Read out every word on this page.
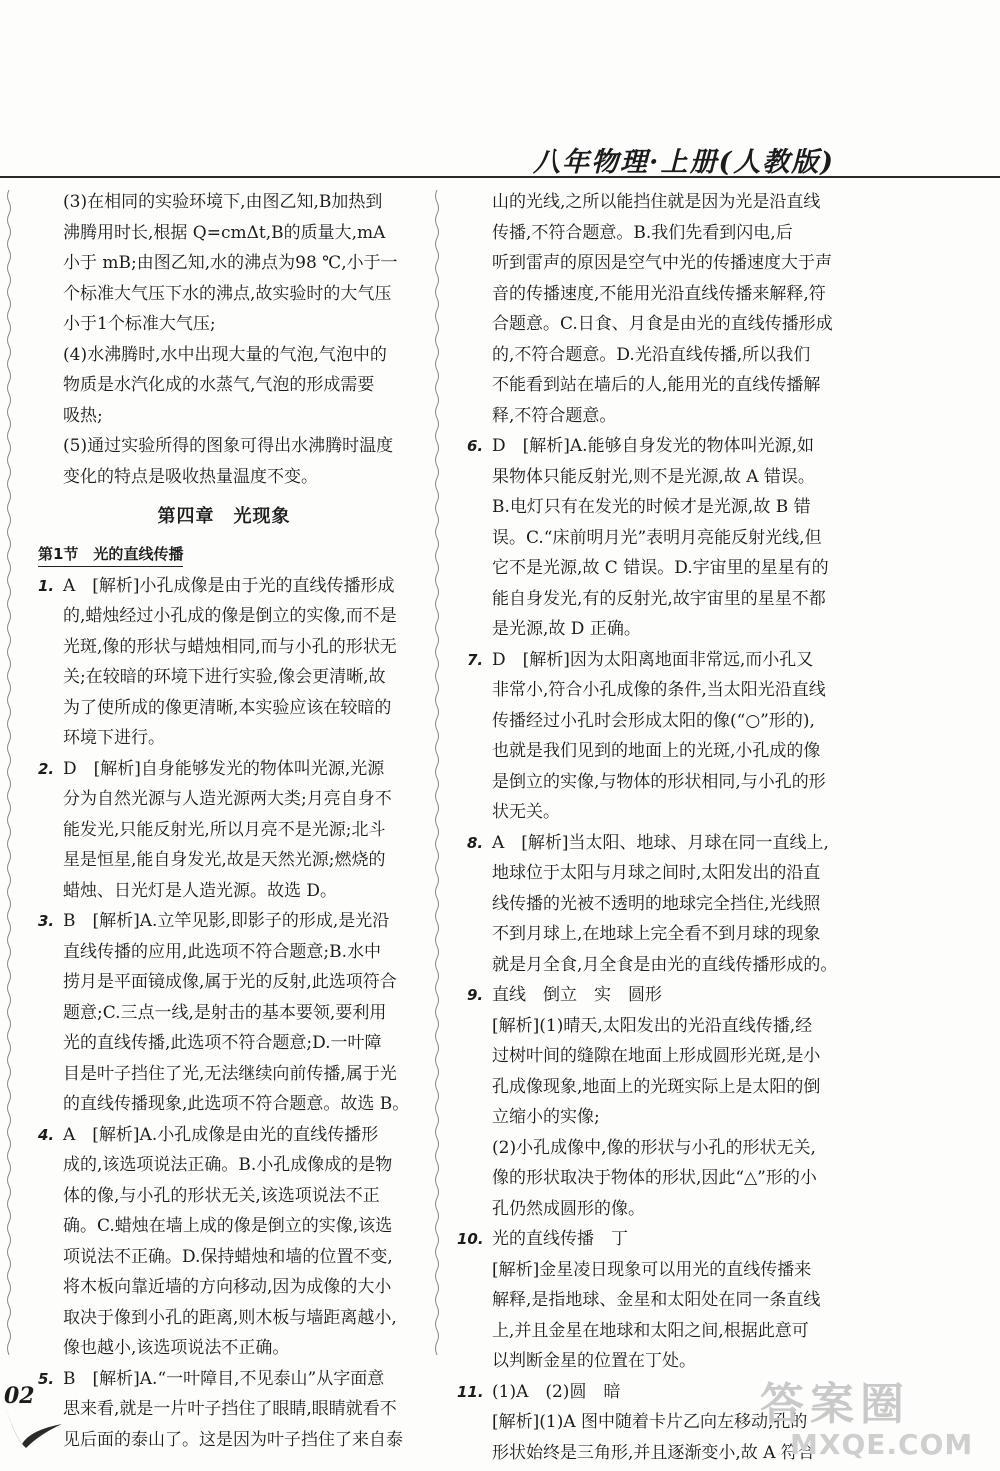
八年物理·上册(人教版)
(3)在相同的实验环境下,由图乙知,B加热到
沸腾用时长,根据 Q=cmΔt,B的质量大,mA
小于 mB;由图乙知,水的沸点为98 ℃,小于一
个标准大气压下水的沸点,故实验时的大气压
小于1个标准大气压;
(4)水沸腾时,水中出现大量的气泡,气泡中的
物质是水汽化成的水蒸气,气泡的形成需要
吸热;
(5)通过实验所得的图象可得出水沸腾时温度
变化的特点是吸收热量温度不变。
第四章　光现象
第1节　光的直线传播
1. A　[解析]小孔成像是由于光的直线传播形成
的,蜡烛经过小孔成的像是倒立的实像,而不是
光斑,像的形状与蜡烛相同,而与小孔的形状无
关;在较暗的环境下进行实验,像会更清晰,故
为了使所成的像更清晰,本实验应该在较暗的
环境下进行。
2. D　[解析]自身能够发光的物体叫光源,光源
分为自然光源与人造光源两大类;月亮自身不
能发光,只能反射光,所以月亮不是光源;北斗
星是恒星,能自身发光,故是天然光源;燃烧的
蜡烛、日光灯是人造光源。故选 D。
3. B　[解析]A.立竿见影,即影子的形成,是光沿
直线传播的应用,此选项不符合题意;B.水中
捞月是平面镜成像,属于光的反射,此选项符合
题意;C.三点一线,是射击的基本要领,要利用
光的直线传播,此选项不符合题意;D.一叶障
目是叶子挡住了光,无法继续向前传播,属于光
的直线传播现象,此选项不符合题意。故选 B。
4. A　[解析]A.小孔成像是由光的直线传播形
成的,该选项说法正确。B.小孔成像成的是物
体的像,与小孔的形状无关,该选项说法不正
确。C.蜡烛在墙上成的像是倒立的实像,该选
项说法不正确。D.保持蜡烛和墙的位置不变,
将木板向靠近墙的方向移动,因为成像的大小
取决于像到小孔的距离,则木板与墙距离越小,
像也越小,该选项说法不正确。
5. B　[解析]A.“一叶障目,不见泰山”从字面意
思来看,就是一片叶子挡住了眼睛,眼睛就看不
见后面的泰山了。这是因为叶子挡住了来自泰
山的光线,之所以能挡住就是因为光是沿直线
传播,不符合题意。B.我们先看到闪电,后
听到雷声的原因是空气中光的传播速度大于声
音的传播速度,不能用光沿直线传播来解释,符
合题意。C.日食、月食是由光的直线传播形成
的,不符合题意。D.光沿直线传播,所以我们
不能看到站在墙后的人,能用光的直线传播解
释,不符合题意。
6. D　[解析]A.能够自身发光的物体叫光源,如
果物体只能反射光,则不是光源,故 A 错误。
B.电灯只有在发光的时候才是光源,故 B 错
误。C.“床前明月光”表明月亮能反射光线,但
它不是光源,故 C 错误。D.宇宙里的星星有的
能自身发光,有的反射光,故宇宙里的星星不都
是光源,故 D 正确。
7. D　[解析]因为太阳离地面非常远,而小孔又
非常小,符合小孔成像的条件,当太阳光沿直线
传播经过小孔时会形成太阳的像(“○”形的),
也就是我们见到的地面上的光斑,小孔成的像
是倒立的实像,与物体的形状相同,与小孔的形
状无关。
8. A　[解析]当太阳、地球、月球在同一直线上,
地球位于太阳与月球之间时,太阳发出的沿直
线传播的光被不透明的地球完全挡住,光线照
不到月球上,在地球上完全看不到月球的现象
就是月全食,月全食是由光的直线传播形成的。
9. 直线　倒立　实　圆形
[解析](1)晴天,太阳发出的光沿直线传播,经
过树叶间的缝隙在地面上形成圆形光斑,是小
孔成像现象,地面上的光斑实际上是太阳的倒
立缩小的实像;
(2)小孔成像中,像的形状与小孔的形状无关,
像的形状取决于物体的形状,因此“△”形的小
孔仍然成圆形的像。
10. 光的直线传播　丁
[解析]金星凌日现象可以用光的直线传播来
解释,是指地球、金星和太阳处在同一条直线
上,并且金星在地球和太阳之间,根据此意可
以判断金星的位置在丁处。
11. (1)A　(2)圆　暗
[解析](1)A 图中随着卡片乙向左移动,孔的
形状始终是三角形,并且逐渐变小,故 A 符合
02	答案圈
MXQE.COM
